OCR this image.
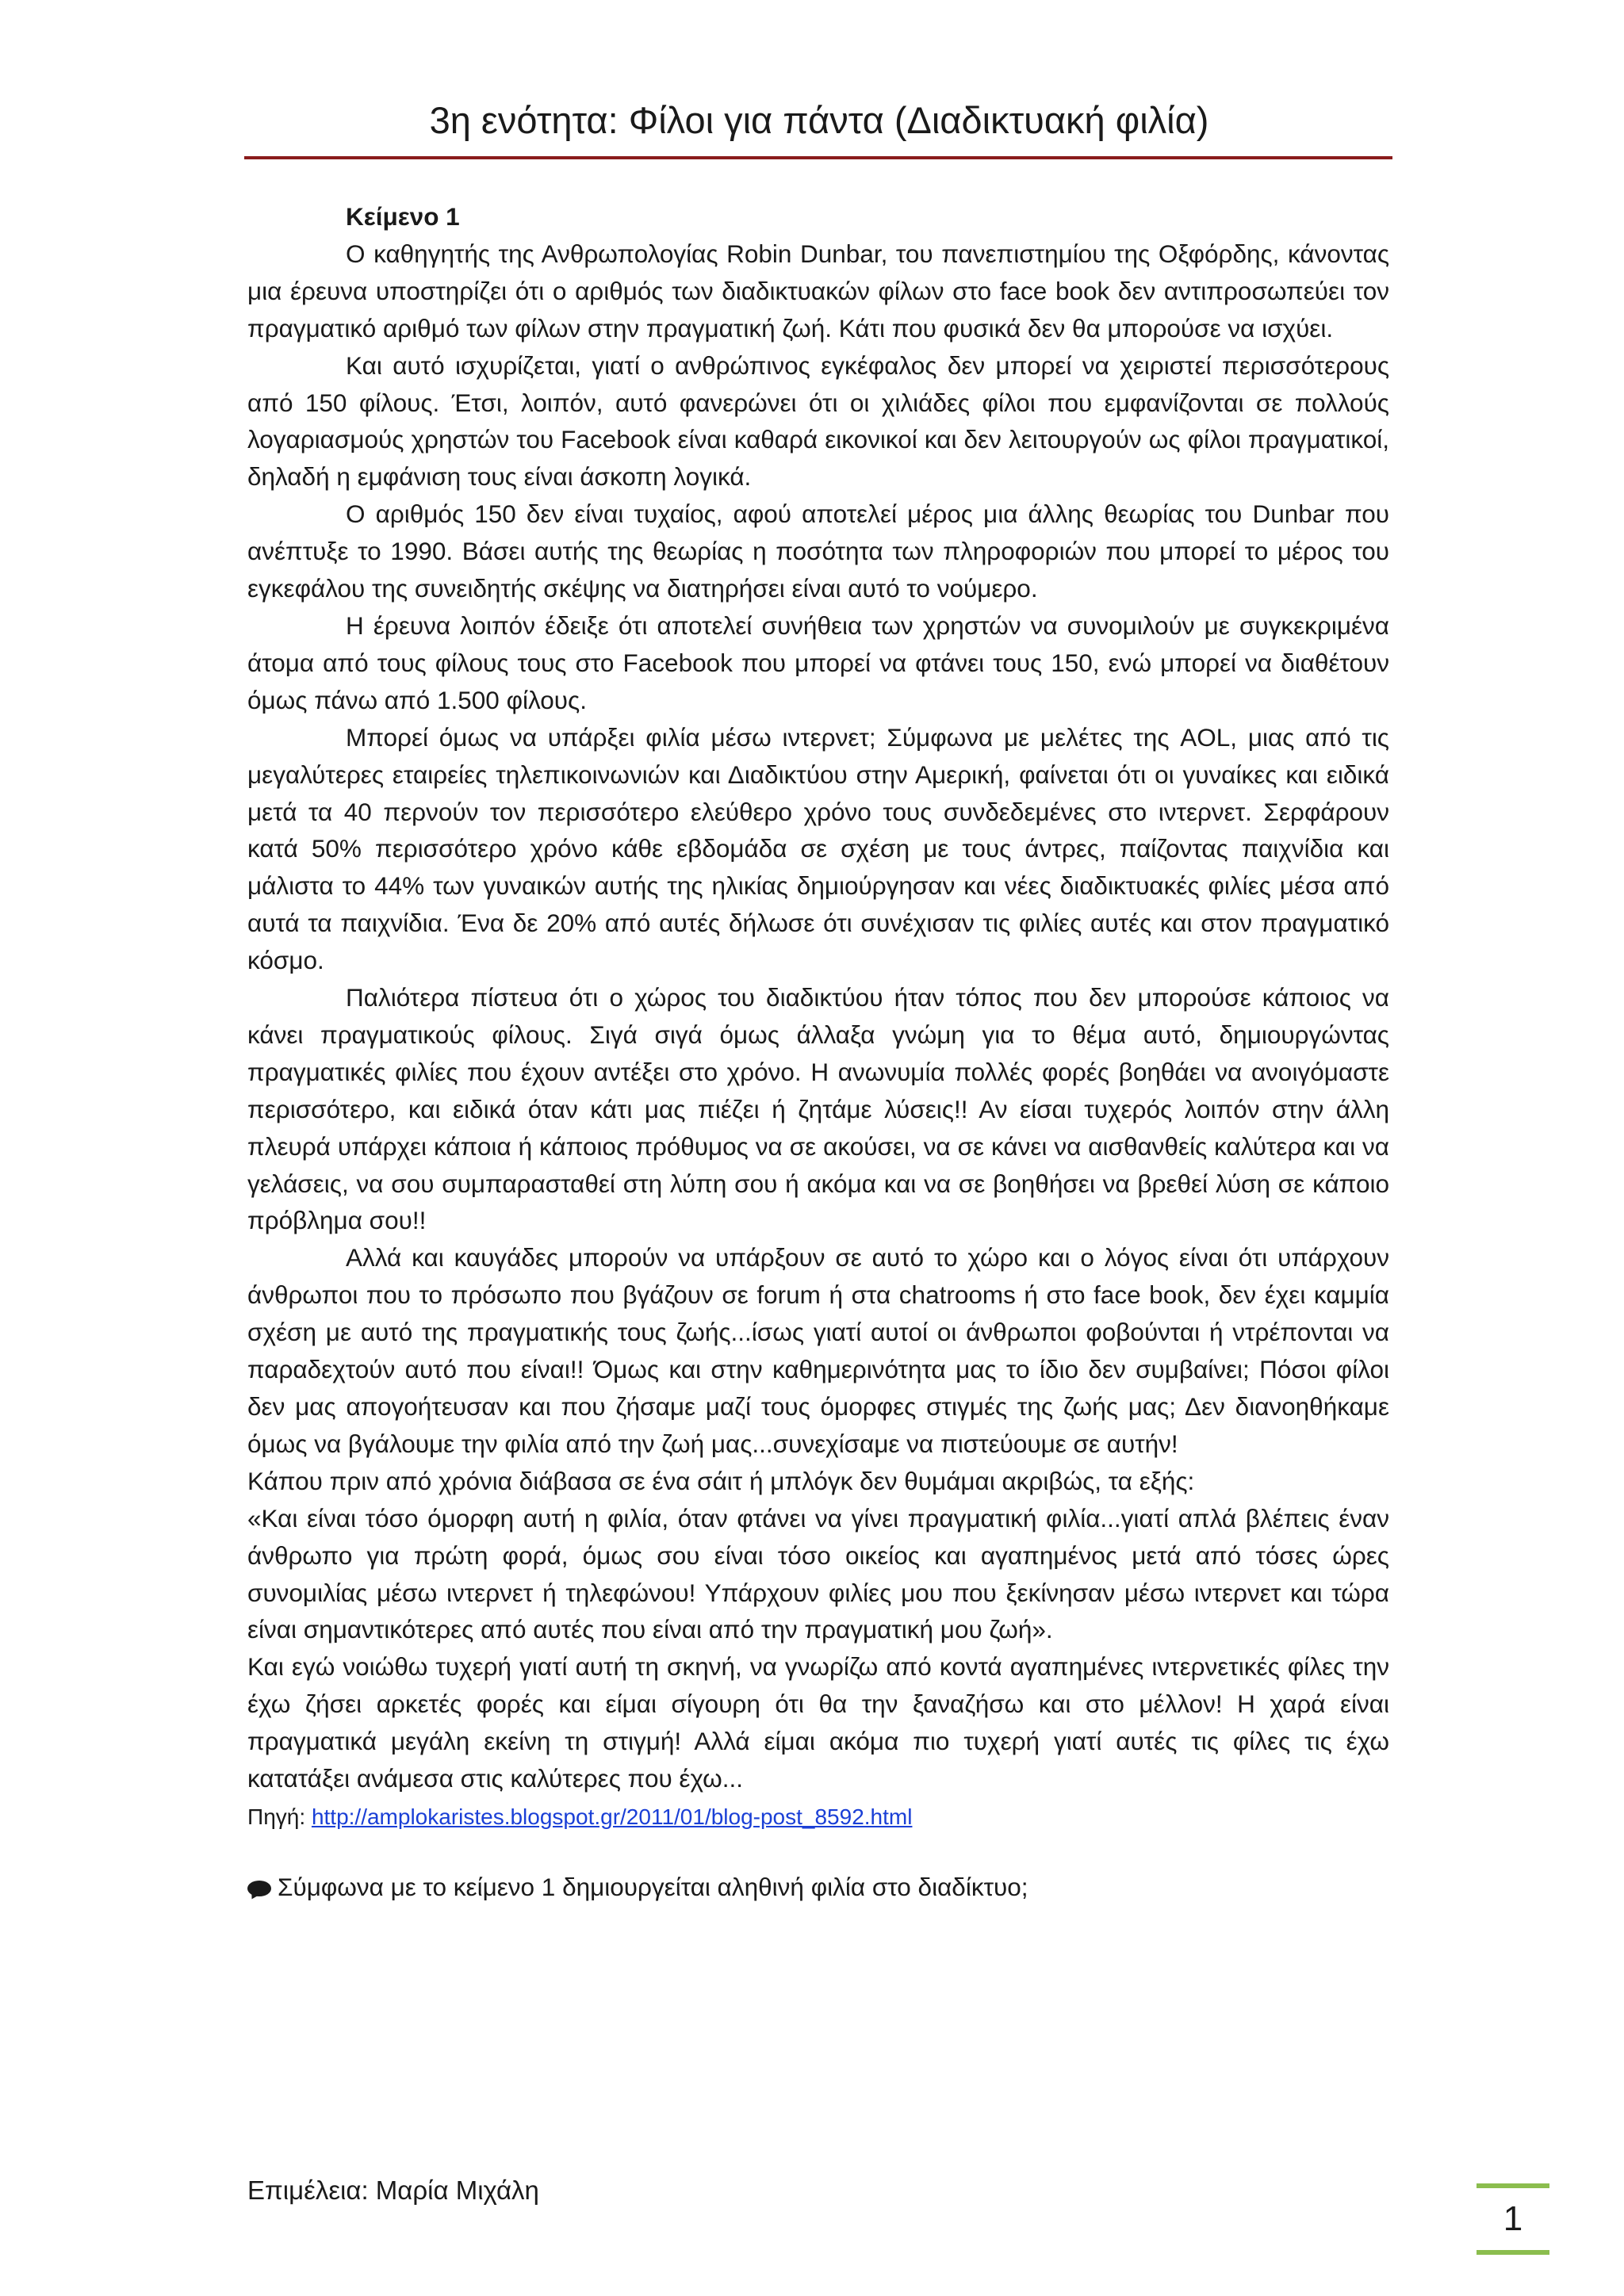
3η ενότητα: Φίλοι για πάντα (Διαδικτυακή φιλία)

Κείμενο 1

Ο καθηγητής της Ανθρωπολογίας Robin Dunbar, του πανεπιστημίου της Οξφόρδης, κάνοντας μια έρευνα υποστηρίζει ότι ο αριθμός των διαδικτυακών φίλων στο face book δεν αντιπροσωπεύει τον πραγματικό αριθμό των φίλων στην πραγματική ζωή. Κάτι που φυσικά δεν θα μπορούσε να ισχύει.

Και αυτό ισχυρίζεται, γιατί ο ανθρώπινος εγκέφαλος δεν μπορεί να χειριστεί περισσότερους από 150 φίλους. Έτσι, λοιπόν, αυτό φανερώνει ότι οι χιλιάδες φίλοι που εμφανίζονται σε πολλούς λογαριασμούς χρηστών του Facebook είναι καθαρά εικονικοί και δεν λειτουργούν ως φίλοι πραγματικοί, δηλαδή η εμφάνιση τους είναι άσκοπη λογικά.

Ο αριθμός 150 δεν είναι τυχαίος, αφού αποτελεί μέρος μια άλλης θεωρίας του Dunbar που ανέπτυξε το 1990. Βάσει αυτής της θεωρίας η ποσότητα των πληροφοριών που μπορεί το μέρος του εγκεφάλου της συνειδητής σκέψης να διατηρήσει είναι αυτό το νούμερο.

Η έρευνα λοιπόν έδειξε ότι αποτελεί συνήθεια των χρηστών να συνομιλούν με συγκεκριμένα άτομα από τους φίλους τους στο Facebook που μπορεί να φτάνει τους 150, ενώ μπορεί να διαθέτουν όμως πάνω από 1.500 φίλους.

Μπορεί όμως να υπάρξει φιλία μέσω ιντερνετ; Σύμφωνα με μελέτες της AOL, μιας από τις μεγαλύτερες εταιρείες τηλεπικοινωνιών και Διαδικτύου στην Αμερική, φαίνεται ότι οι γυναίκες και ειδικά μετά τα 40 περνούν τον περισσότερο ελεύθερο χρόνο τους συνδεδεμένες στο ιντερνετ. Σερφάρουν κατά 50% περισσότερο χρόνο κάθε εβδομάδα σε σχέση με τους άντρες, παίζοντας παιχνίδια και μάλιστα το 44% των γυναικών αυτής της ηλικίας δημιούργησαν και νέες διαδικτυακές φιλίες μέσα από αυτά τα παιχνίδια. Ένα δε 20% από αυτές δήλωσε ότι συνέχισαν τις φιλίες αυτές και στον πραγματικό κόσμο.

Παλιότερα πίστευα ότι ο χώρος του διαδικτύου ήταν τόπος που δεν μπορούσε κάποιος να κάνει πραγματικούς φίλους. Σιγά σιγά όμως άλλαξα γνώμη για το θέμα αυτό, δημιουργώντας πραγματικές φιλίες που έχουν αντέξει στο χρόνο. Η ανωνυμία πολλές φορές βοηθάει να ανοιγόμαστε περισσότερο, και ειδικά όταν κάτι μας πιέζει ή ζητάμε λύσεις!! Αν είσαι τυχερός λοιπόν στην άλλη πλευρά υπάρχει κάποια ή κάποιος πρόθυμος να σε ακούσει, να σε κάνει να αισθανθείς καλύτερα και να γελάσεις, να σου συμπαρασταθεί στη λύπη σου ή ακόμα και να σε βοηθήσει να βρεθεί λύση σε κάποιο πρόβλημα σου!!

Αλλά και καυγάδες μπορούν να υπάρξουν σε αυτό το χώρο και ο λόγος είναι ότι υπάρχουν άνθρωποι που το πρόσωπο που βγάζουν σε forum ή στα chatrooms ή στο face book, δεν έχει καμμία σχέση με αυτό της πραγματικής τους ζωής...ίσως γιατί αυτοί οι άνθρωποι φοβούνται ή ντρέπονται να παραδεχτούν αυτό που είναι!! Όμως και στην καθημερινότητα μας το ίδιο δεν συμβαίνει; Πόσοι φίλοι δεν μας απογοήτευσαν και που ζήσαμε μαζί τους όμορφες στιγμές της ζωής μας; Δεν διανοηθήκαμε όμως να βγάλουμε την φιλία από την ζωή μας...συνεχίσαμε να πιστεύουμε σε αυτήν!

Κάπου πριν από χρόνια διάβασα σε ένα σάιτ ή μπλόγκ δεν θυμάμαι ακριβώς, τα εξής:

«Και είναι τόσο όμορφη αυτή η φιλία, όταν φτάνει να γίνει πραγματική φιλία...γιατί απλά βλέπεις έναν άνθρωπο για πρώτη φορά, όμως σου είναι τόσο οικείος και αγαπημένος μετά από τόσες ώρες συνομιλίας μέσω ιντερνετ ή τηλεφώνου! Υπάρχουν φιλίες μου που ξεκίνησαν μέσω ιντερνετ και τώρα είναι σημαντικότερες από αυτές που είναι από την πραγματική μου ζωή».

Και εγώ νοιώθω τυχερή γιατί αυτή τη σκηνή, να γνωρίζω από κοντά αγαπημένες ιντερνετικές φίλες την έχω ζήσει αρκετές φορές και είμαι σίγουρη ότι θα την ξαναζήσω και στο μέλλον! Η χαρά είναι πραγματικά μεγάλη εκείνη τη στιγμή! Αλλά είμαι ακόμα πιο τυχερή γιατί αυτές τις φίλες τις έχω κατατάξει ανάμεσα στις καλύτερες που έχω...

Πηγή: http://amplokaristes.blogspot.gr/2011/01/blog-post_8592.html

Σύμφωνα με το κείμενο 1 δημιουργείται αληθινή φιλία στο διαδίκτυο;

Επιμέλεια: Μαρία Μιχάλη
1
